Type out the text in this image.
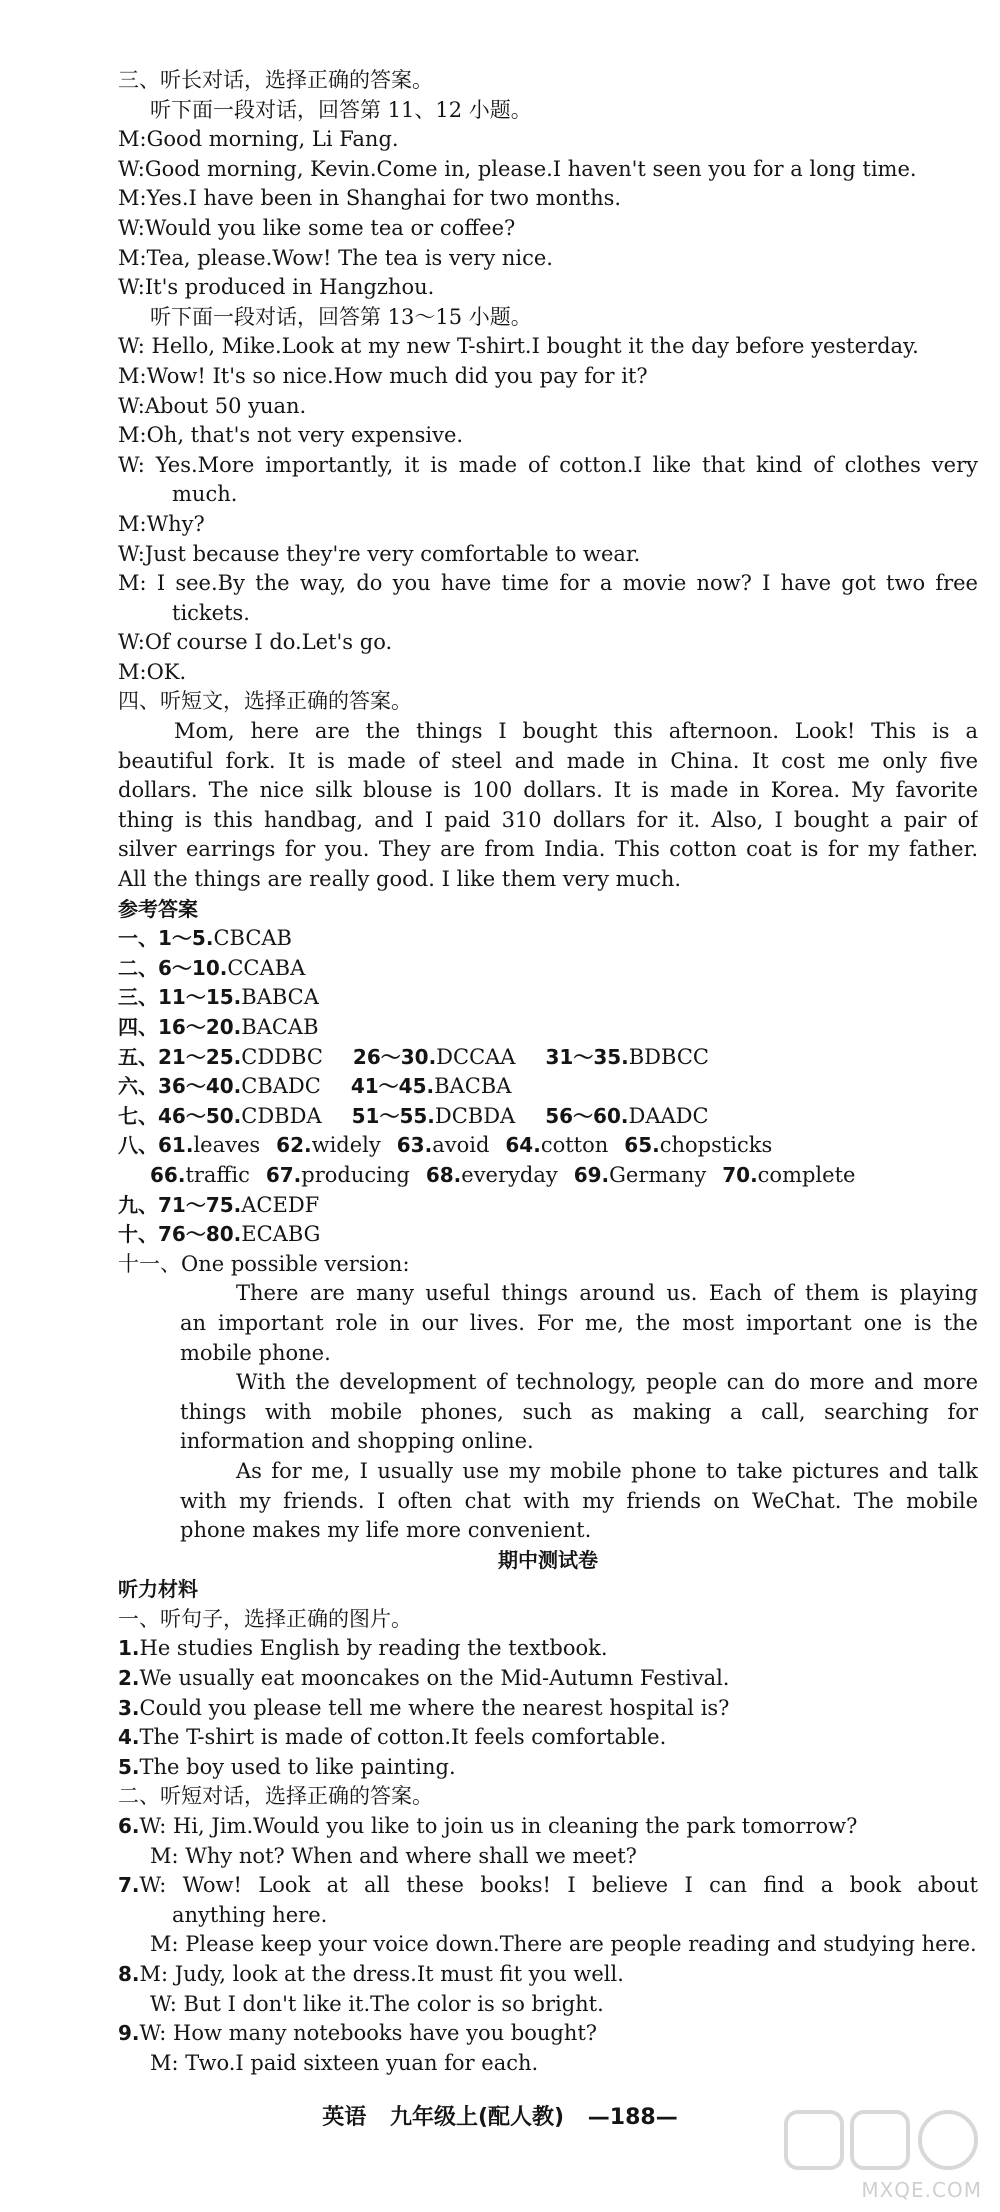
三、听长对话，选择正确的答案。
听下面一段对话，回答第 11、12 小题。
M:Good morning, Li Fang.
W:Good morning, Kevin.Come in, please.I haven't seen you for a long time.
M:Yes.I have been in Shanghai for two months.
W:Would you like some tea or coffee?
M:Tea, please.Wow! The tea is very nice.
W:It's produced in Hangzhou.
听下面一段对话，回答第 13～15 小题。
W: Hello, Mike.Look at my new T-shirt.I bought it the day before yesterday.
M:Wow! It's so nice.How much did you pay for it?
W:About 50 yuan.
M:Oh, that's not very expensive.
W: Yes.More importantly, it is made of cotton.I like that kind of clothes very
much.
M:Why?
W:Just because they're very comfortable to wear.
M: I see.By the way, do you have time for a movie now? I have got two free
tickets.
W:Of course I do.Let's go.
M:OK.
四、听短文，选择正确的答案。
Mom, here are the things I bought this afternoon. Look! This is a
beautiful fork. It is made of steel and made in China. It cost me only five
dollars. The nice silk blouse is 100 dollars. It is made in Korea. My favorite
thing is this handbag, and I paid 310 dollars for it. Also, I bought a pair of
silver earrings for you. They are from India. This cotton coat is for my father.
All the things are really good. I like them very much.
参考答案
一、1～5.CBCAB
二、6～10.CCABA
三、11～15.BABCA
四、16～20.BACAB
五、21～25.CDDBC 26～30.DCCAA 31～35.BDBCC
六、36～40.CBADC 41～45.BACBA
七、46～50.CDBDA 51～55.DCBDA 56～60.DAADC
八、61.leaves 62.widely 63.avoid 64.cotton 65.chopsticks
66.traffic 67.producing 68.everyday 69.Germany 70.complete
九、71～75.ACEDF
十、76～80.ECABG
十一、One possible version:
There are many useful things around us. Each of them is playing
an important role in our lives. For me, the most important one is the
mobile phone.
With the development of technology, people can do more and more
things with mobile phones, such as making a call, searching for
information and shopping online.
As for me, I usually use my mobile phone to take pictures and talk
with my friends. I often chat with my friends on WeChat. The mobile
phone makes my life more convenient.
期中测试卷
听力材料
一、听句子，选择正确的图片。
1.He studies English by reading the textbook.
2.We usually eat mooncakes on the Mid-Autumn Festival.
3.Could you please tell me where the nearest hospital is?
4.The T-shirt is made of cotton.It feels comfortable.
5.The boy used to like painting.
二、听短对话，选择正确的答案。
6.W: Hi, Jim.Would you like to join us in cleaning the park tomorrow?
M: Why not? When and where shall we meet?
7.W: Wow! Look at all these books! I believe I can find a book about
anything here.
M: Please keep your voice down.There are people reading and studying here.
8.M: Judy, look at the dress.It must fit you well.
W: But I don't like it.The color is so bright.
9.W: How many notebooks have you bought?
M: Two.I paid sixteen yuan for each.
英语 九年级上(配人教) —188—
MXQE.COM
